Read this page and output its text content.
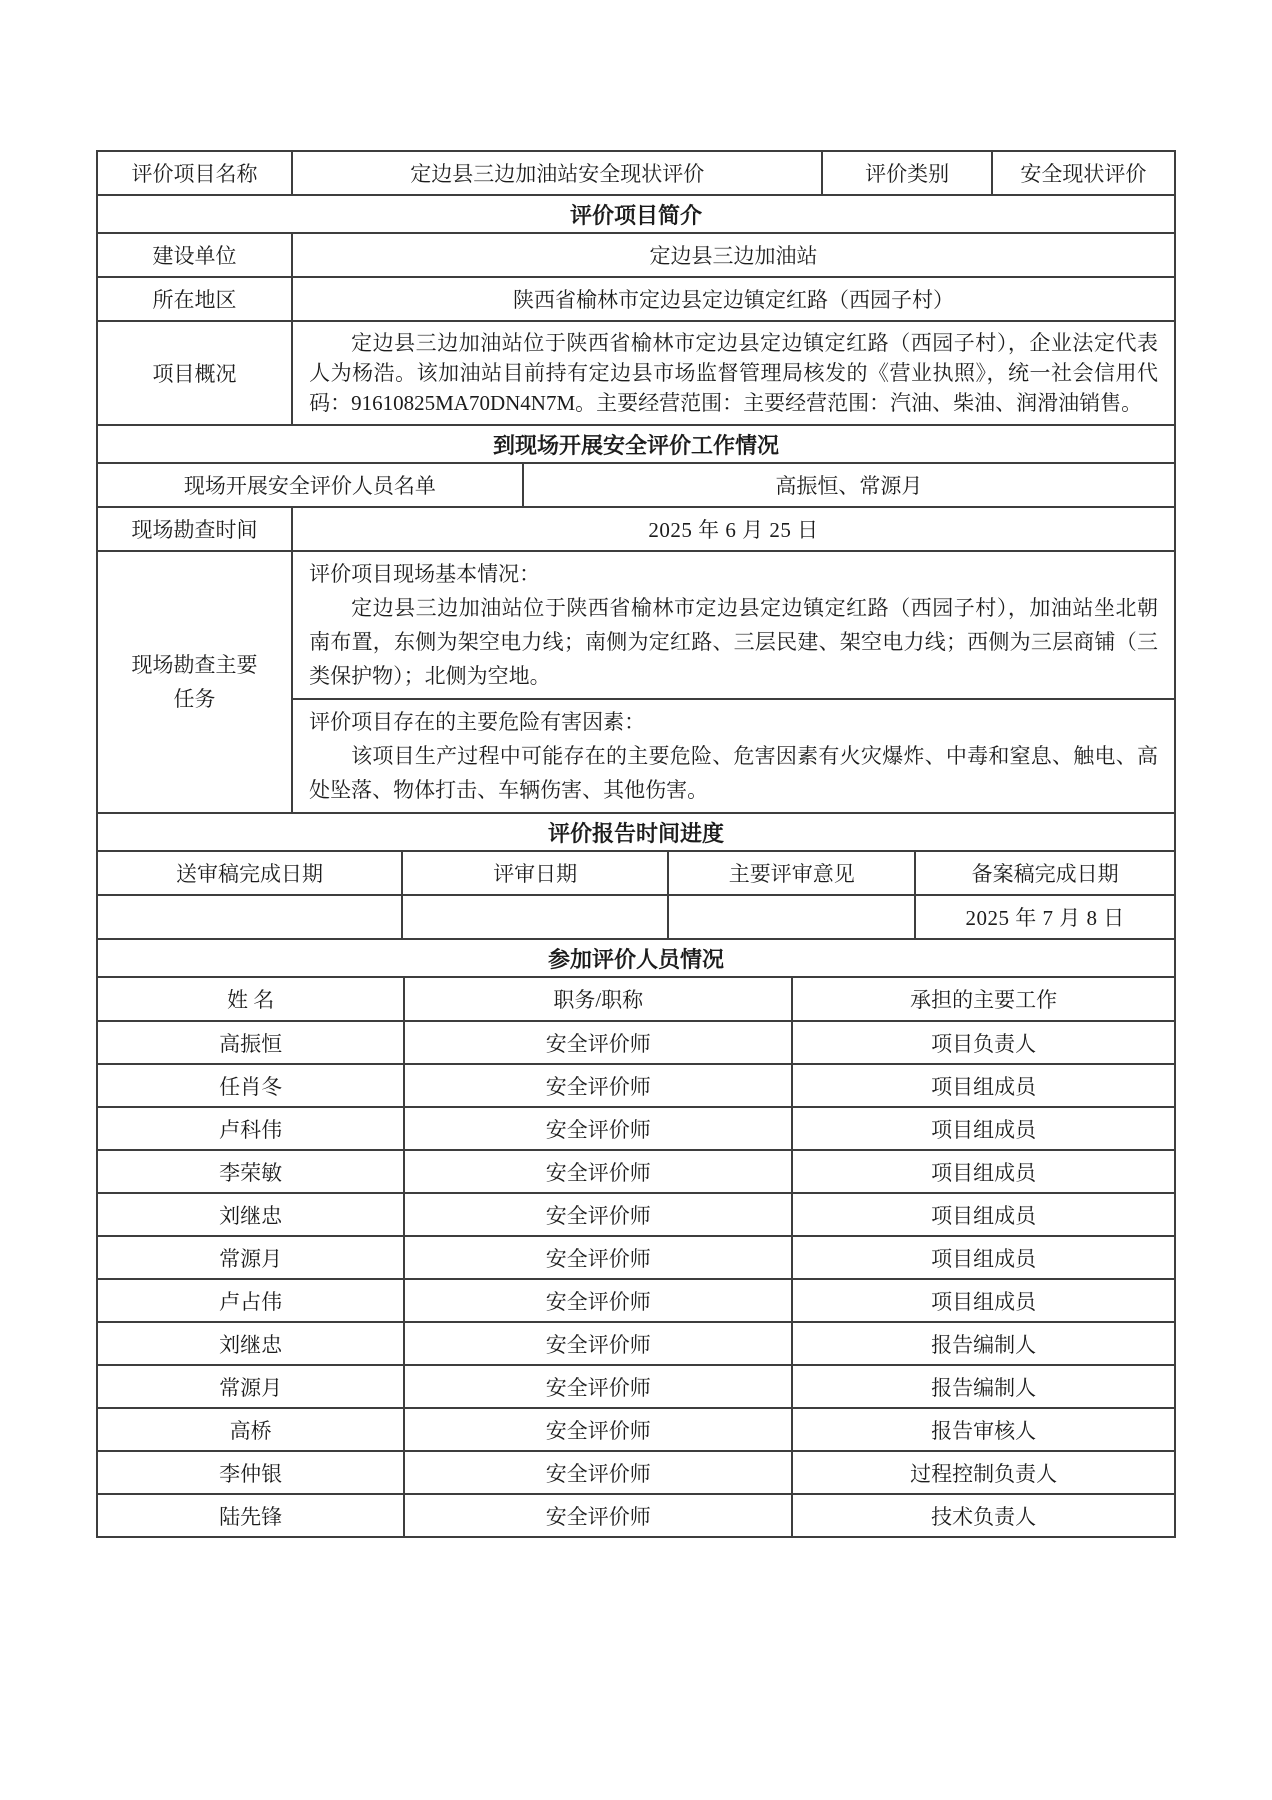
评价项目名称	定边县三边加油站安全现状评价	评价类别	安全现状评价
评价项目简介
建设单位	定边县三边加油站
所在地区	陕西省榆林市定边县定边镇定红路（西园子村）
项目概况	定边县三边加油站位于陕西省榆林市定边县定边镇定红路（西园子村），企业法定代表人为杨浩。该加油站目前持有定边县市场监督管理局核发的《营业执照》，统一社会信用代码：91610825MA70DN4N7M。主要经营范围：主要经营范围：汽油、柴油、润滑油销售。
到现场开展安全评价工作情况
现场开展安全评价人员名单	高振恒、常源月
现场勘查时间	2025 年 6 月 25 日

现场勘查主要任务	评价项目现场基本情况：
定边县三边加油站位于陕西省榆林市定边县定边镇定红路（西园子村），加油站坐北朝南布置，东侧为架空电力线；南侧为定红路、三层民建、架空电力线；西侧为三层商铺（三类保护物）；北侧为空地。

	评价项目存在的主要危险有害因素：
该项目生产过程中可能存在的主要危险、危害因素有火灾爆炸、中毒和窒息、触电、高处坠落、物体打击、车辆伤害、其他伤害。
评价报告时间进度
送审稿完成日期	评审日期	主要评审意见	备案稿完成日期
			2025 年 7 月 8 日
参加评价人员情况
姓 名	职务/职称	承担的主要工作
高振恒	安全评价师	项目负责人
任肖冬	安全评价师	项目组成员
卢科伟	安全评价师	项目组成员
李荣敏	安全评价师	项目组成员
刘继忠	安全评价师	项目组成员
常源月	安全评价师	项目组成员
卢占伟	安全评价师	项目组成员
刘继忠	安全评价师	报告编制人
常源月	安全评价师	报告编制人
高桥	安全评价师	报告审核人
李仲银	安全评价师	过程控制负责人
陆先锋	安全评价师	技术负责人
